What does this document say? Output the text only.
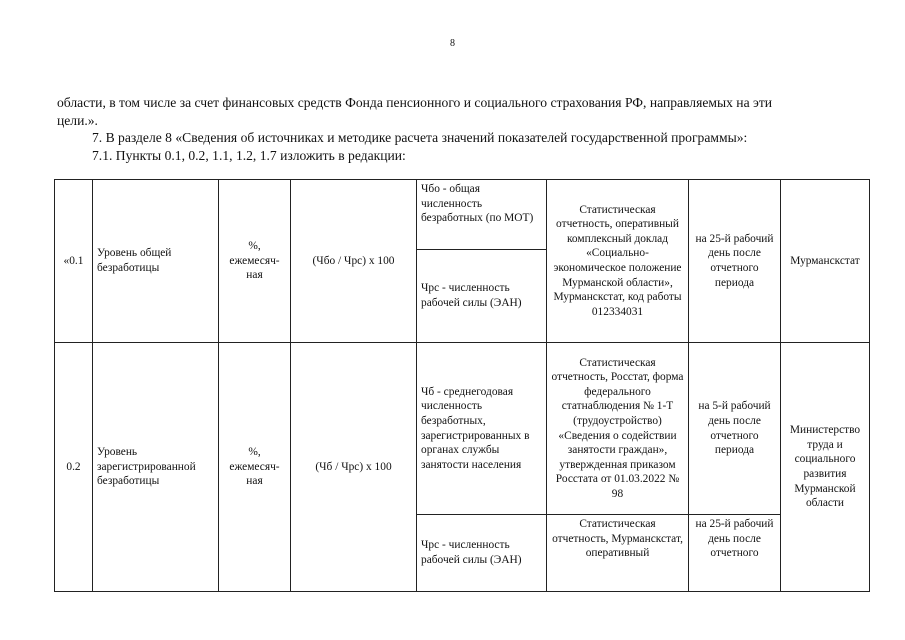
8
области, в том числе за счет финансовых средств Фонда пенсионного и социального страхования РФ, направляемых на эти
цели.».
7. В разделе 8 «Сведения об источниках и методике расчета значений показателей государственной программы»:
7.1. Пункты 0.1, 0.2, 1.1, 1.2, 1.7 изложить в редакции:
«0.1	Уровень общей безработицы	%, ежемесяч-ная	(Чбо / Чрс) х 100	Чбо - общая численность безработных (по МОТ)	Статистическая отчетность, оперативный комплексный доклад «Социально-экономическое положение Мурманской области», Мурманскстат, код работы 012334031	на 25-й рабочий день после отчетного периода	Мурманскстат
				Чрс - численность рабочей силы (ЭАН)			
0.2	Уровень зарегистрированной безработицы	%, ежемесяч-ная	(Чб / Чрс) х 100	Чб - среднегодовая численность безработных, зарегистрированных в органах службы занятости населения	Статистическая отчетность, Росстат, форма федерального статнаблюдения № 1-Т (трудоустройство) «Сведения о содействии занятости граждан», утвержденная приказом Росстата от 01.03.2022 № 98	на 5-й рабочий день после отчетного периода	Министерство труда и социального развития Мурманской области
				Чрс - численность рабочей силы (ЭАН)	Статистическая отчетность, Мурманскстат, оперативный	на 25-й рабочий день после отчетного	
